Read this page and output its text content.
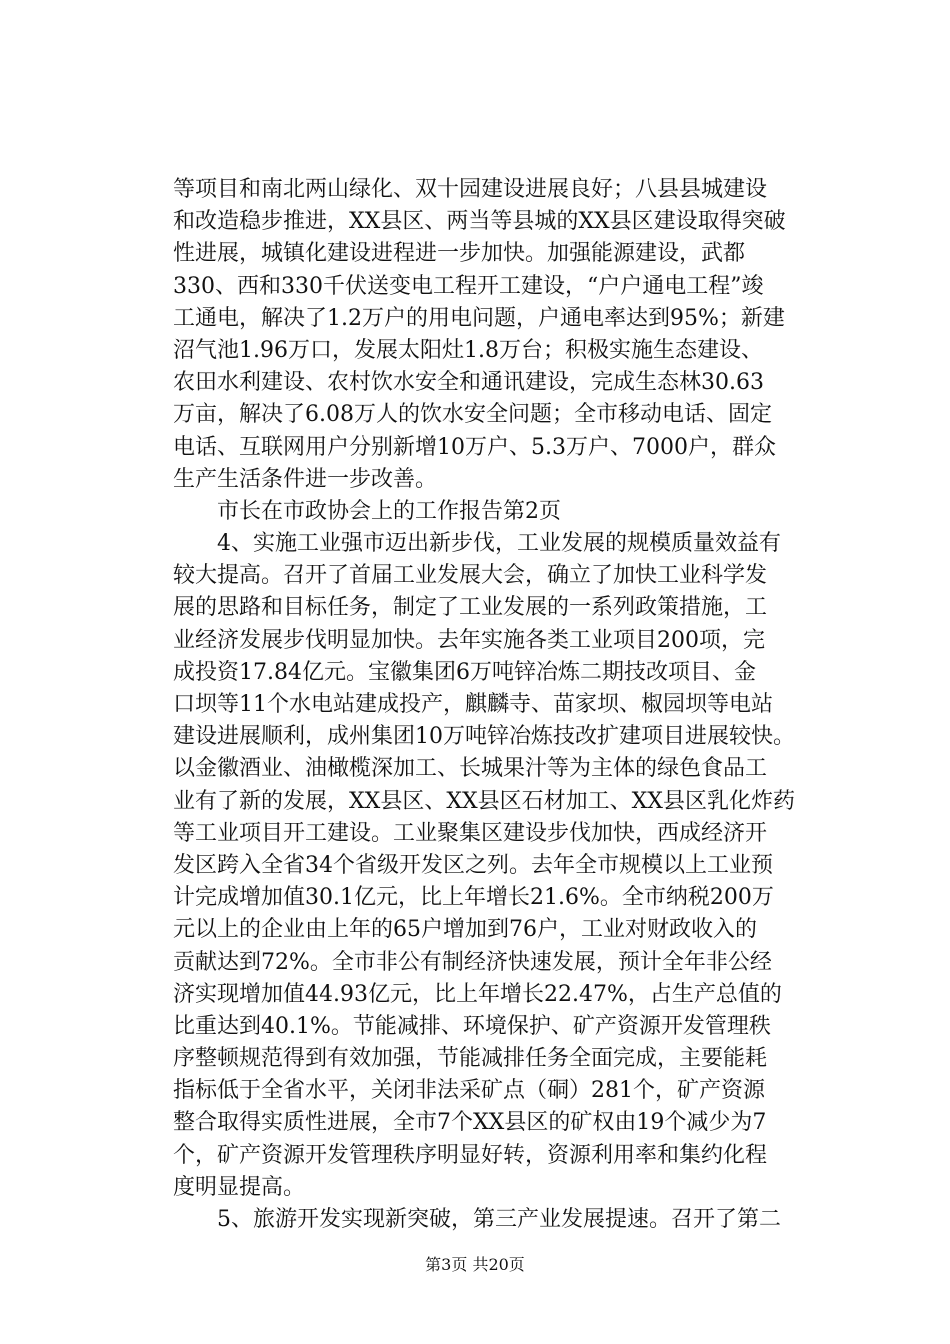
等项目和南北两山绿化、双十园建设进展良好；八县县城建设
和改造稳步推进，XX县区、两当等县城的XX县区建设取得突破
性进展，城镇化建设进程进一步加快。加强能源建设，武都
330、西和330千伏送变电工程开工建设，“户户通电工程”竣
工通电，解决了1.2万户的用电问题，户通电率达到95%；新建
沼气池1.96万口，发展太阳灶1.8万台；积极实施生态建设、
农田水利建设、农村饮水安全和通讯建设，完成生态林30.63
万亩，解决了6.08万人的饮水安全问题；全市移动电话、固定
电话、互联网用户分别新增10万户、5.3万户、7000户，群众
生产生活条件进一步改善。
市长在市政协会上的工作报告第2页
4、实施工业强市迈出新步伐，工业发展的规模质量效益有
较大提高。召开了首届工业发展大会，确立了加快工业科学发
展的思路和目标任务，制定了工业发展的一系列政策措施，工
业经济发展步伐明显加快。去年实施各类工业项目200项，完
成投资17.84亿元。宝徽集团6万吨锌冶炼二期技改项目、金
口坝等11个水电站建成投产，麒麟寺、苗家坝、椒园坝等电站
建设进展顺利，成州集团10万吨锌冶炼技改扩建项目进展较快。
以金徽酒业、油橄榄深加工、长城果汁等为主体的绿色食品工
业有了新的发展，XX县区、XX县区石材加工、XX县区乳化炸药
等工业项目开工建设。工业聚集区建设步伐加快，西成经济开
发区跨入全省34个省级开发区之列。去年全市规模以上工业预
计完成增加值30.1亿元，比上年增长21.6%。全市纳税200万
元以上的企业由上年的65户增加到76户，工业对财政收入的
贡献达到72%。全市非公有制经济快速发展，预计全年非公经
济实现增加值44.93亿元，比上年增长22.47%，占生产总值的
比重达到40.1%。节能减排、环境保护、矿产资源开发管理秩
序整顿规范得到有效加强，节能减排任务全面完成，主要能耗
指标低于全省水平，关闭非法采矿点（硐）281个，矿产资源
整合取得实质性进展，全市7个XX县区的矿权由19个减少为7
个，矿产资源开发管理秩序明显好转，资源利用率和集约化程
度明显提高。
5、旅游开发实现新突破，第三产业发展提速。召开了第二
第3页 共20页
